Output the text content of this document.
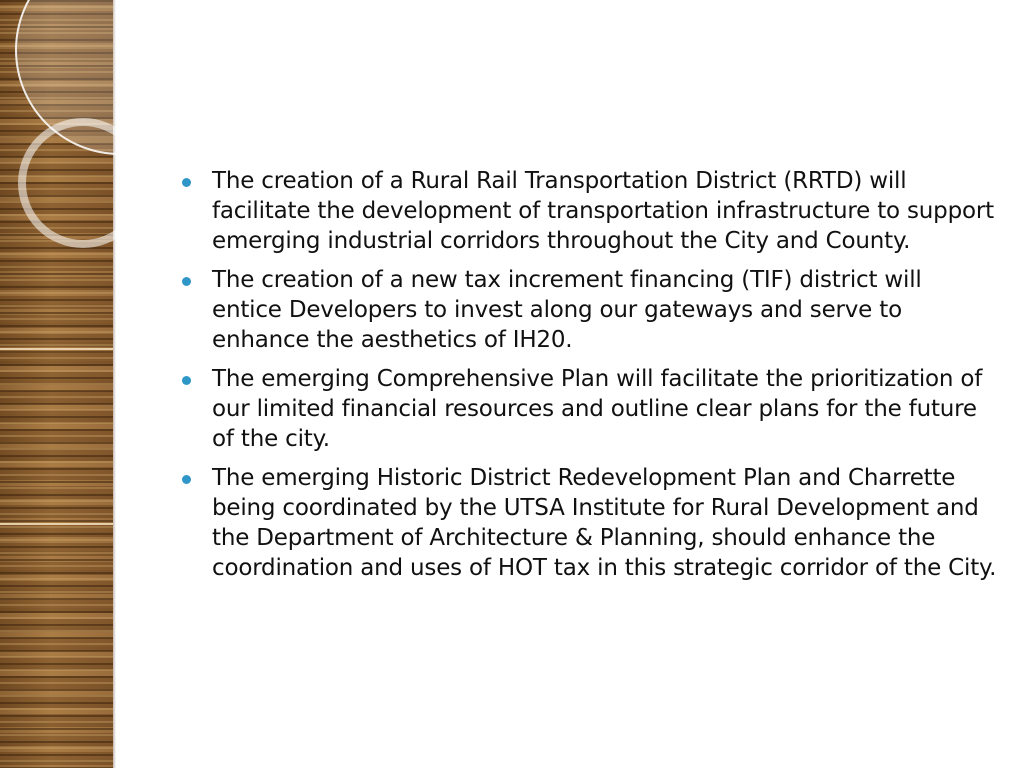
The creation of a Rural Rail Transportation District (RRTD) will facilitate the development of transportation infrastructure to support emerging industrial corridors throughout the City and County.
The creation of a new tax increment financing (TIF) district will entice Developers to invest along our gateways and serve to enhance the aesthetics of IH20.
The emerging Comprehensive Plan will facilitate the prioritization of our limited financial resources and outline clear plans for the future of the city.
The emerging Historic District Redevelopment Plan and Charrette being coordinated by the UTSA Institute for Rural Development and the Department of Architecture & Planning, should enhance the coordination and uses of HOT tax in this strategic corridor of the City.
